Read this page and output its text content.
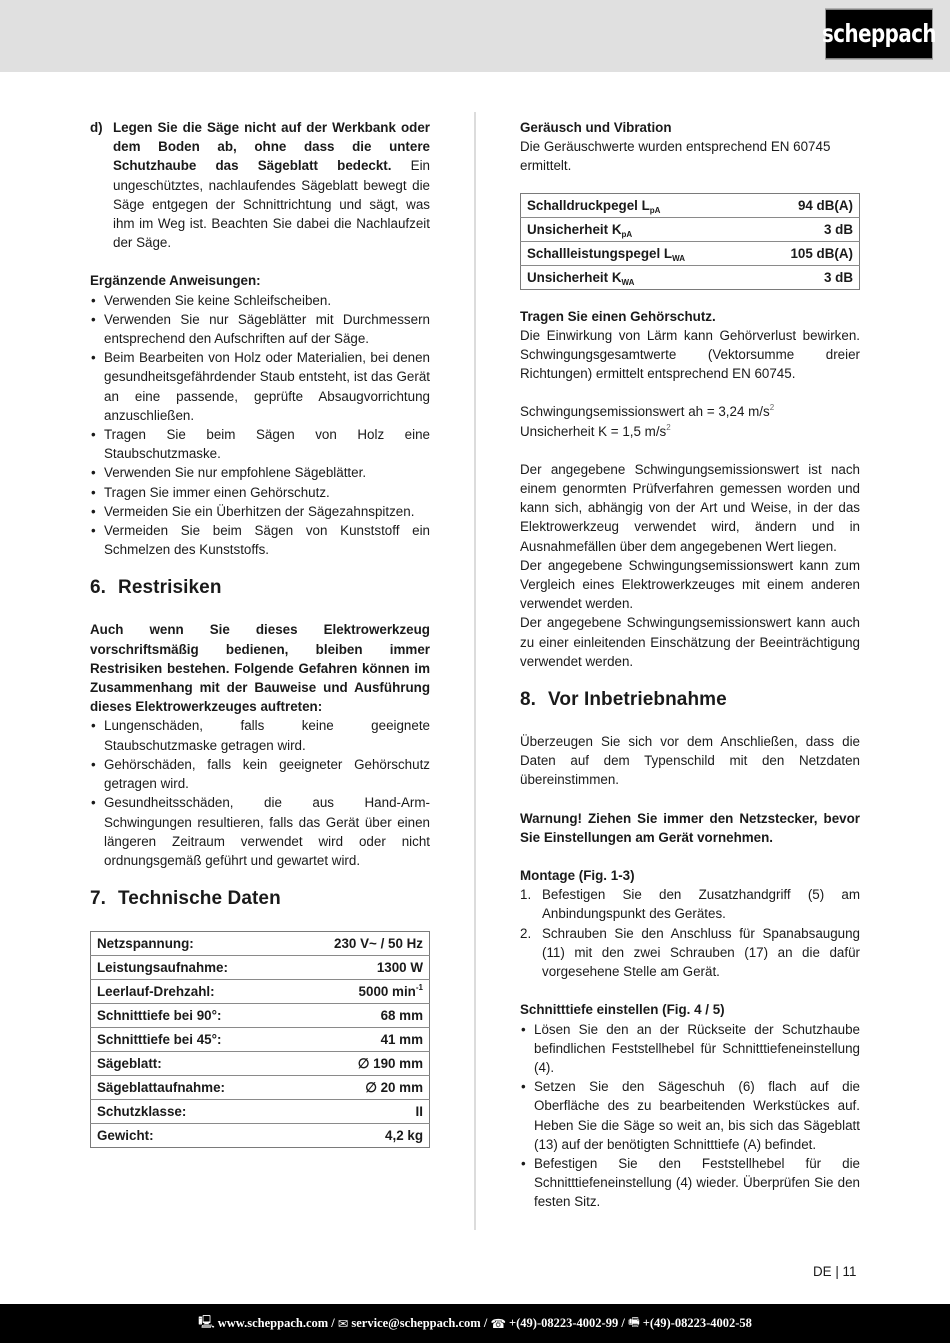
scheppach
d) Legen Sie die Säge nicht auf der Werkbank oder dem Boden ab, ohne dass die untere Schutzhaube das Sägeblatt bedeckt. Ein ungeschütztes, nachlaufendes Sägeblatt bewegt die Säge entgegen der Schnittrichtung und sägt, was ihm im Weg ist. Beachten Sie dabei die Nachlaufzeit der Säge.

Ergänzende Anweisungen:

• Verwenden Sie keine Schleifscheiben.
• Verwenden Sie nur Sägeblätter mit Durchmessern entsprechend den Aufschriften auf der Säge.
• Beim Bearbeiten von Holz oder Materialien, bei denen gesundheitsgefährdender Staub entsteht, ist das Gerät an eine passende, geprüfte Absaugvorrichtung anzuschließen.
• Tragen Sie beim Sägen von Holz eine Staubschutzmaske.
• Verwenden Sie nur empfohlene Sägeblätter.
• Tragen Sie immer einen Gehörschutz.
• Vermeiden Sie ein Überhitzen der Sägezahnspitzen.
• Vermeiden Sie beim Sägen von Kunststoff ein Schmelzen des Kunststoffs.
6. Restrisiken

Auch wenn Sie dieses Elektrowerkzeug vorschriftsmäßig bedienen, bleiben immer Restrisiken bestehen. Folgende Gefahren können im Zusammenhang mit der Bauweise und Ausführung dieses Elektrowerkzeuges auftreten:

• Lungenschäden, falls keine geeignete Staubschutzmaske getragen wird.
• Gehörschäden, falls kein geeigneter Gehörschutz getragen wird.
• Gesundheitsschäden, die aus Hand-Arm-Schwingungen resultieren, falls das Gerät über einen längeren Zeitraum verwendet wird oder nicht ordnungsgemäß geführt und gewartet wird.
7. Technische Daten
Netzspannung:	230 V~ / 50 Hz
Leistungsaufnahme:	1300 W
Leerlauf-Drehzahl:	5000 $\min^{-1}$
Schnitttiefe bei 90°:	68 mm
Schnitttiefe bei 45°:	41 mm
Sägeblatt:	∅ 190 mm
Sägeblattaufnahme:	∅ 20 mm
Schutzklasse:	II
Gewicht:	4,2 kg

Geräusch und Vibration

Die Geräuschwerte wurden entsprechend EN 60745 ermittelt.

Schalldruckpegel $L_{pA}$	94 dB(A)
Unsicherheit $K_{pA}$	3 dB
Schallleistungspegel $L_{WA}$	105 dB(A)
Unsicherheit $K_{WA}$	3 dB

Tragen Sie einen Gehörschutz.

Die Einwirkung von Lärm kann Gehörverlust bewirken. Schwingungsgesamtwerte (Vektorsumme dreier Richtungen) ermittelt entsprechend EN 60745.

Schwingungsemissionswert ah = 3,24 $m/s^2$

Unsicherheit K = 1,5 $m/s^2$

Der angegebene Schwingungsemissionswert ist nach einem genormten Prüfverfahren gemessen worden und kann sich, abhängig von der Art und Weise, in der das Elektrowerkzeug verwendet wird, ändern und in Ausnahmefällen über dem angegebenen Wert liegen.

Der angegebene Schwingungsemissionswert kann zum Vergleich eines Elektrowerkzeuges mit einem anderen verwendet werden.

Der angegebene Schwingungsemissionswert kann auch zu einer einleitenden Einschätzung der Beeinträchtigung verwendet werden.

8. Vor Inbetriebnahme

Überzeugen Sie sich vor dem Anschließen, dass die Daten auf dem Typenschild mit den Netzdaten übereinstimmen.

Warnung! Ziehen Sie immer den Netzstecker, bevor Sie Einstellungen am Gerät vornehmen.

Montage (Fig. 1-3)

1. Befestigen Sie den Zusatzhandgriff (5) am Anbindungspunkt des Gerätes.
2. Schrauben Sie den Anschluss für Spanabsaugung (11) mit den zwei Schrauben (17) an die dafür vorgesehene Stelle am Gerät.

Schnitttiefe einstellen (Fig. 4 / 5)

• Lösen Sie den an der Rückseite der Schutzhaube befindlichen Feststellhebel für Schnitttiefeneinstellung (4).
• Setzen Sie den Sägeschuh (6) flach auf die Oberfläche des zu bearbeitenden Werkstückes auf. Heben Sie die Säge so weit an, bis sich das Sägeblatt (13) auf der benötigten Schnitttiefe (A) befindet.
• Befestigen Sie den Feststellhebel für die Schnitttiefeneinstellung (4) wieder. Überprüfen Sie den festen Sitz.
DE | 11
🖳 www.scheppach.com / ✉ service@scheppach.com / ☎ +(49)-08223-4002-99 / 🖷 +(49)-08223-4002-58
